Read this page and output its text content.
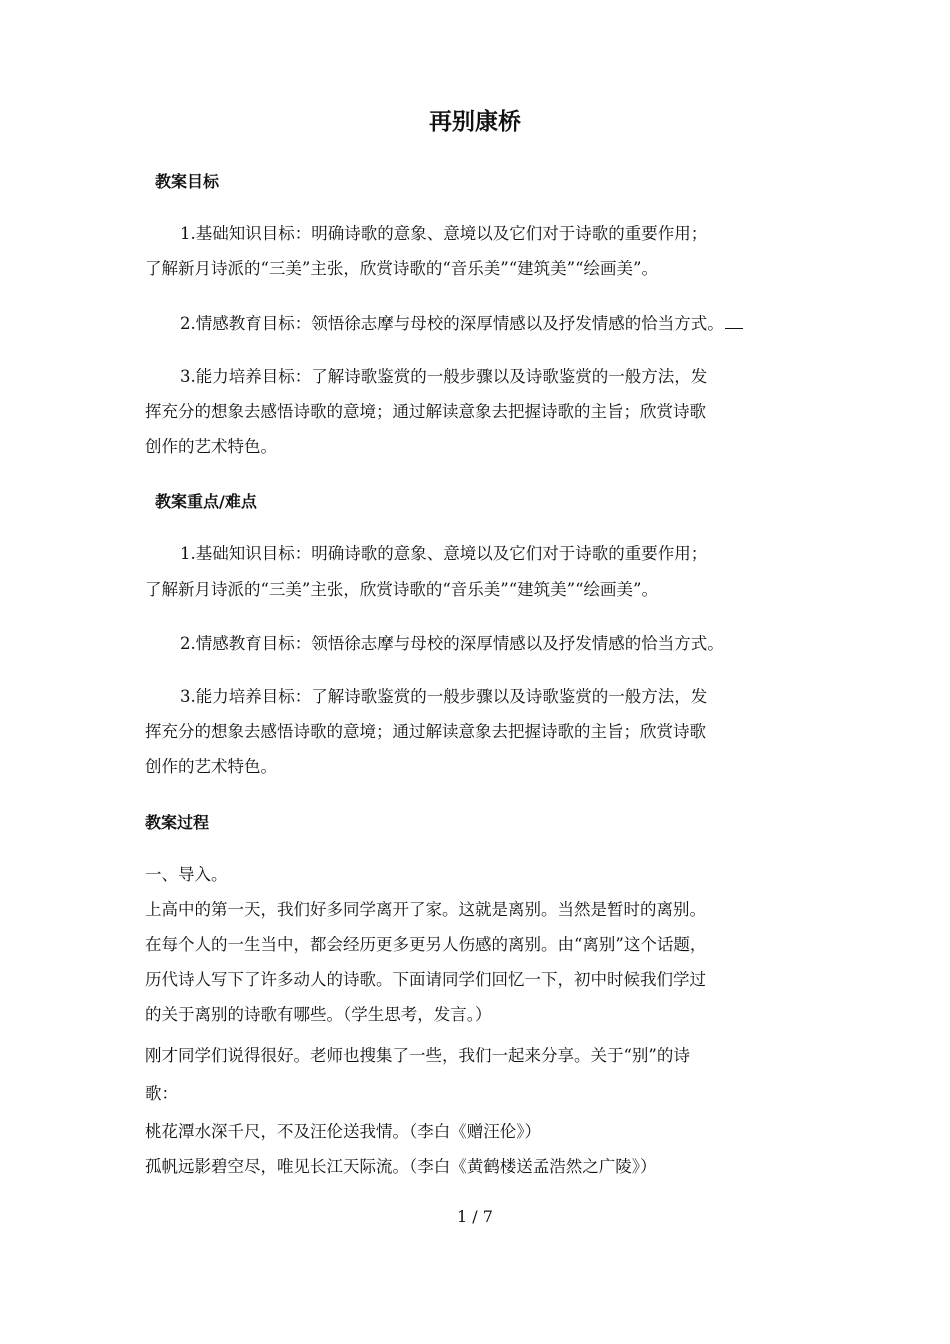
再别康桥
教案目标
1.基础知识目标：明确诗歌的意象、意境以及它们对于诗歌的重要作用；
了解新月诗派的“三美”主张，欣赏诗歌的“音乐美”“建筑美”“绘画美”。
2.情感教育目标：领悟徐志摩与母校的深厚情感以及抒发情感的恰当方式。
3.能力培养目标：了解诗歌鉴赏的一般步骤以及诗歌鉴赏的一般方法，发
挥充分的想象去感悟诗歌的意境；通过解读意象去把握诗歌的主旨；欣赏诗歌
创作的艺术特色。
教案重点/难点
1.基础知识目标：明确诗歌的意象、意境以及它们对于诗歌的重要作用；
了解新月诗派的“三美”主张，欣赏诗歌的“音乐美”“建筑美”“绘画美”。
2.情感教育目标：领悟徐志摩与母校的深厚情感以及抒发情感的恰当方式。
3.能力培养目标：了解诗歌鉴赏的一般步骤以及诗歌鉴赏的一般方法，发
挥充分的想象去感悟诗歌的意境；通过解读意象去把握诗歌的主旨；欣赏诗歌
创作的艺术特色。
教案过程
一、导入。
上高中的第一天，我们好多同学离开了家。这就是离别。当然是暂时的离别。
在每个人的一生当中，都会经历更多更另人伤感的离别。由“离别”这个话题，
历代诗人写下了许多动人的诗歌。下面请同学们回忆一下，初中时候我们学过
的关于离别的诗歌有哪些。（学生思考，发言。）
刚才同学们说得很好。老师也搜集了一些，我们一起来分享。关于“别”的诗
歌：
桃花潭水深千尺，不及汪伦送我情。（李白《赠汪伦》）
孤帆远影碧空尽，唯见长江天际流。（李白《黄鹤楼送孟浩然之广陵》）
1 / 7
